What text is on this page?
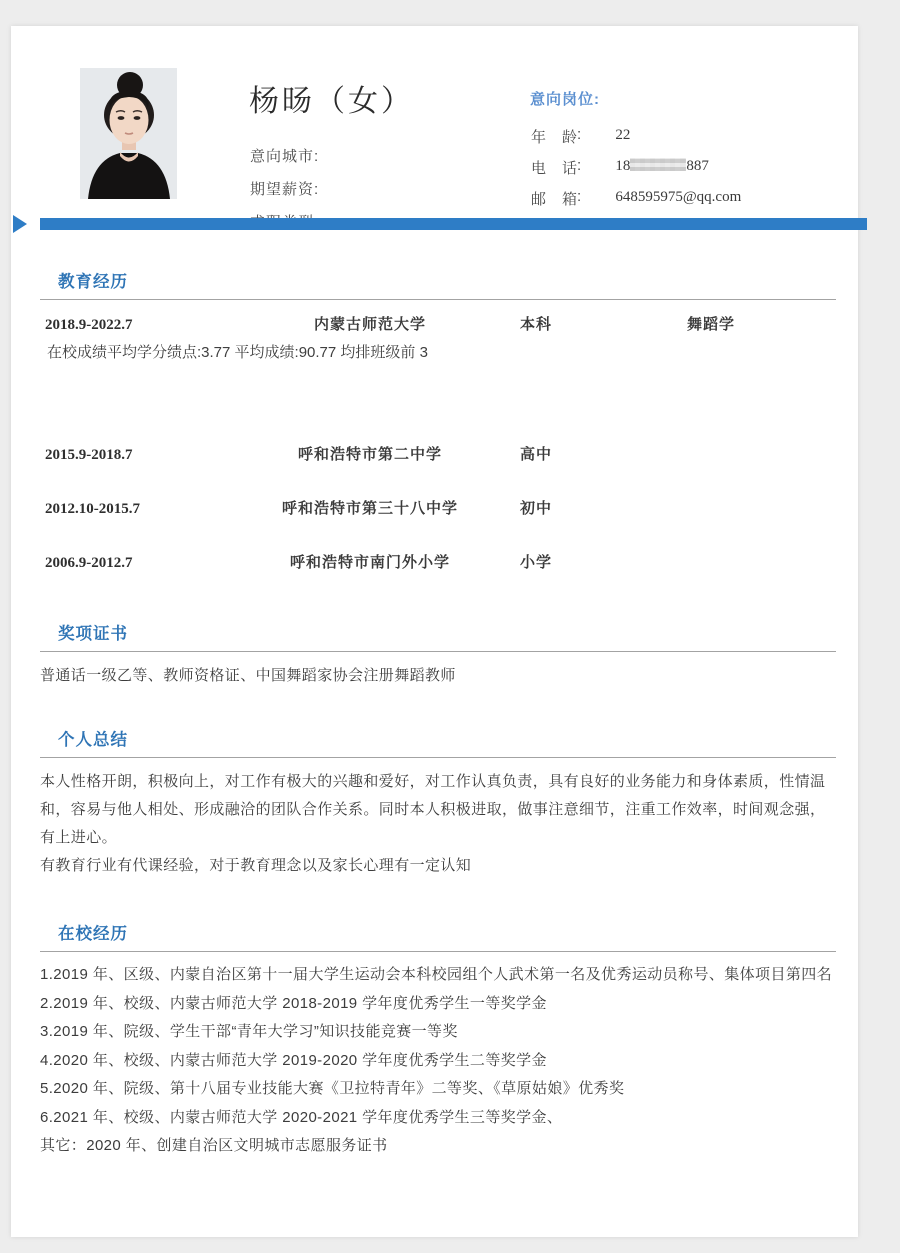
杨旸（女）
意向城市:
期望薪资:
意向岗位:
年龄: 22
电话: 18	887
邮箱: 648595975@qq.com
教育经历
2018.9-2022.7	内蒙古师范大学	本科	舞蹈学
在校成绩平均学分绩点:3.77 平均成绩:90.77 均排班级前 3
2015.9-2018.7	呼和浩特市第二中学	高中
2012.10-2015.7	呼和浩特市第三十八中学	初中
2006.9-2012.7	呼和浩特市南门外小学	小学
奖项证书
普通话一级乙等、教师资格证、中国舞蹈家协会注册舞蹈教师
个人总结

本人性格开朗，积极向上，对工作有极大的兴趣和爱好，对工作认真负责，具有良好的业务能力和身体素质，性情温和，容易与他人相处、形成融洽的团队合作关系。同时本人积极进取，做事注意细节，注重工作效率，时间观念强，有上进心。

有教育行业有代课经验，对于教育理念以及家长心理有一定认知

在校经历
1.2019 年、区级、内蒙自治区第十一届大学生运动会本科校园组个人武术第一名及优秀运动员称号、集体项目第四名
2.2019 年、校级、内蒙古师范大学 2018-2019 学年度优秀学生一等奖学金
3.2019 年、院级、学生干部“青年大学习”知识技能竞赛一等奖
4.2020 年、校级、内蒙古师范大学 2019-2020 学年度优秀学生二等奖学金
5.2020 年、院级、第十八届专业技能大赛《卫拉特青年》二等奖、《草原姑娘》优秀奖
6.2021 年、校级、内蒙古师范大学 2020-2021 学年度优秀学生三等奖学金、
其它：2020 年、创建自治区文明城市志愿服务证书
